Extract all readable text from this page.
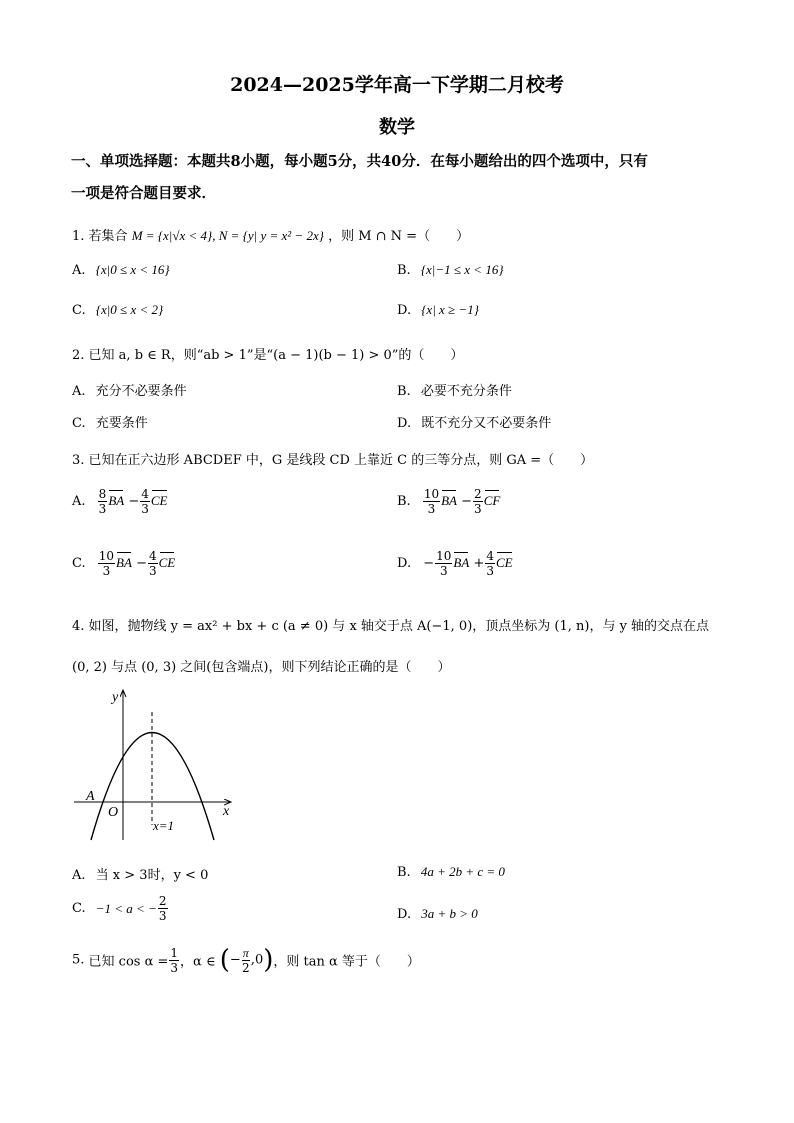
2024—2025学年高一下学期二月校考
数学
一、单项选择题：本题共8小题，每小题5分，共40分．在每小题给出的四个选项中，只有
一项是符合题目要求．
1. 若集合 M = {x|√x < 4}, N = {y| y = x² − 2x} ，则 M ∩ N =（　　）
A. {x|0 ≤ x < 16}	B. {x|−1 ≤ x < 16}
C. {x|0 ≤ x < 2}	D. {x| x ≥ −1}
2. 已知 a, b ∈ R，则“ab > 1”是“(a − 1)(b − 1) > 0”的（　　）
A. 充分不必要条件	B. 必要不充分条件
C. 充要条件	D. 既不充分又不必要条件
3. 已知在正六边形 ABCDEF 中，G 是线段 CD 上靠近 C 的三等分点，则 GA =（　　）
A. $\frac{8}{3}$ BA − $\frac{4}{3}$ CE	B. $\frac{10}{3}$ BA − $\frac{2}{3}$ CF
C. $\frac{10}{3}$ BA − $\frac{4}{3}$ CE	D. − $\frac{10}{3}$ BA + $\frac{4}{3}$ CE
4. 如图，抛物线 y = ax² + bx + c (a ≠ 0) 与 x 轴交于点 A(−1, 0)，顶点坐标为 (1, n)，与 y 轴的交点在点
(0, 2) 与点 (0, 3) 之间(包含端点)，则下列结论正确的是（　　）
y
x
O
A
x=1
A. 当 x > 3时，y < 0	B. 4a + 2b + c = 0
C. −1 < a < − $\frac{2}{3}$	D. 3a + b > 0
5. 已知 $\cos \alpha = \frac{1}{3}$ ，α ∈ (− $\frac{\pi}{2} ,0$)，则 tan α 等于（　　）
